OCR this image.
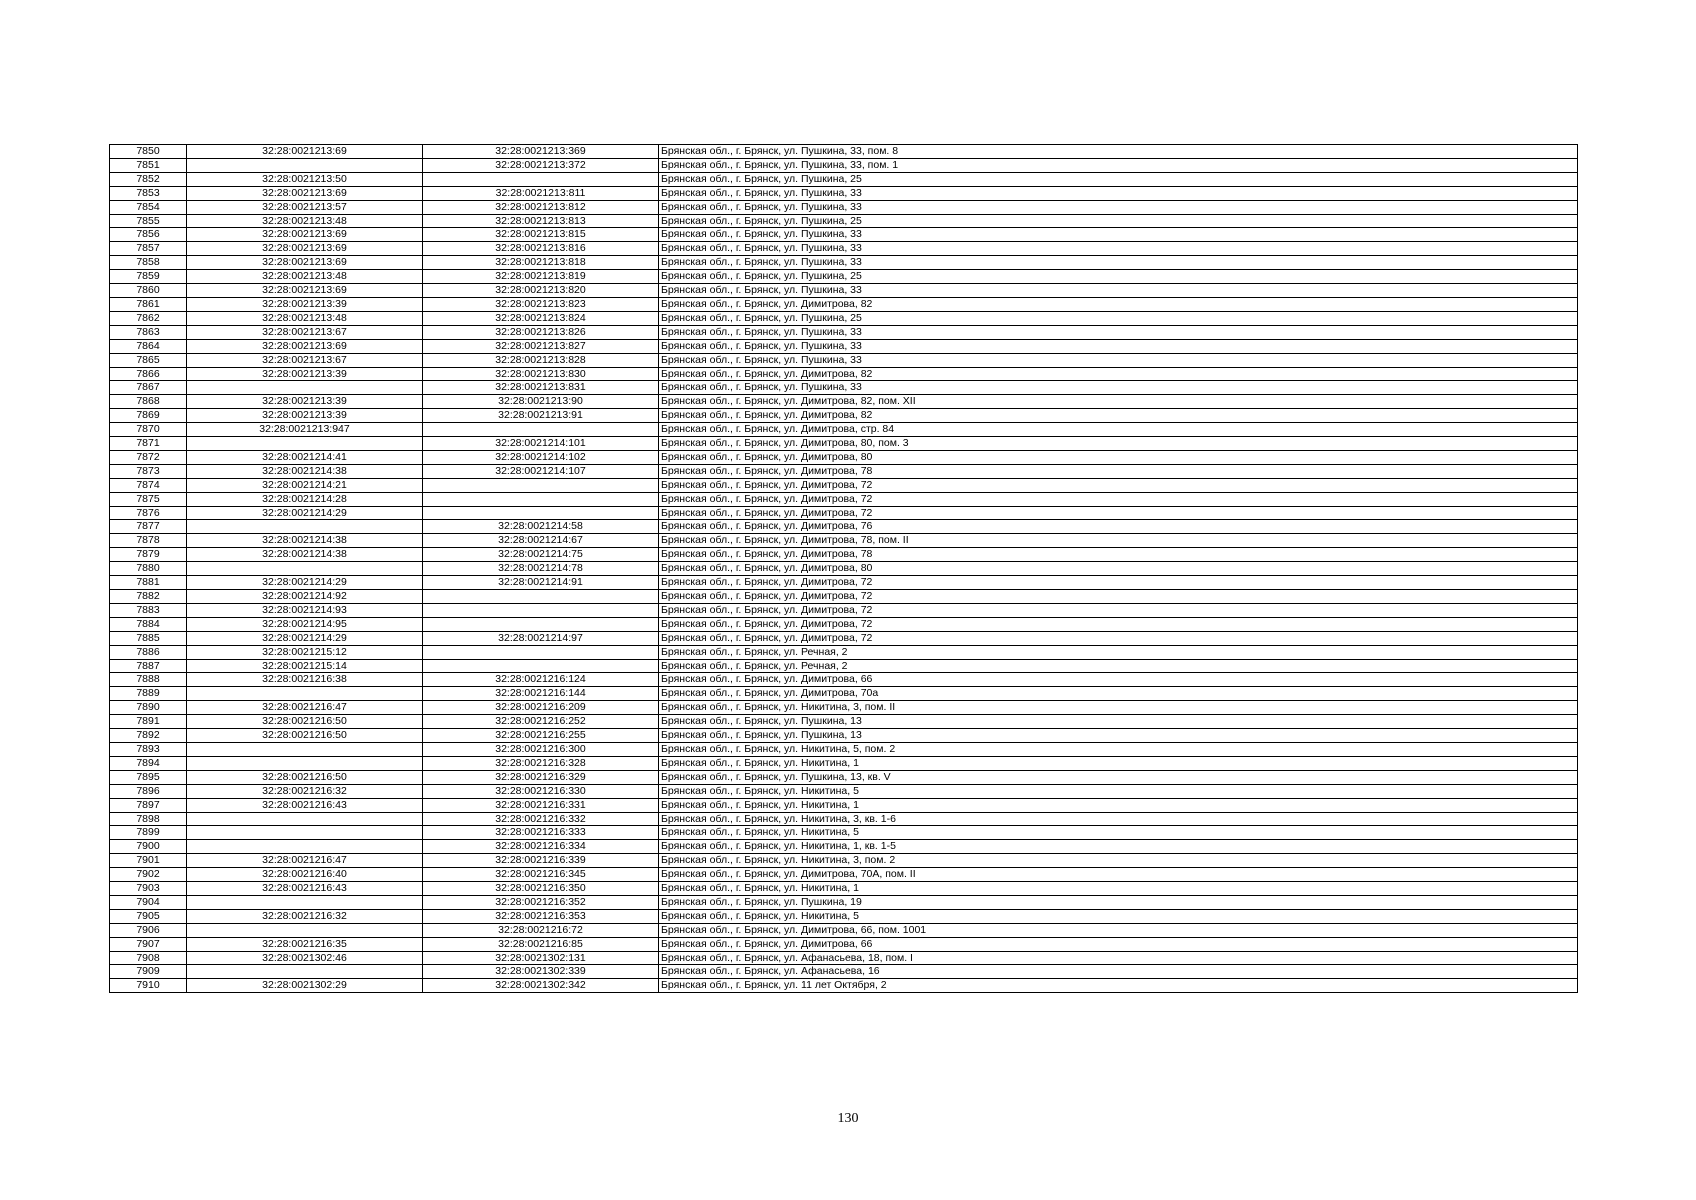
7850	32:28:0021213:69	32:28:0021213:369	Брянская обл., г. Брянск, ул. Пушкина, 33, пом. 8
7851		32:28:0021213:372	Брянская обл., г. Брянск, ул. Пушкина, 33, пом. 1
7852	32:28:0021213:50		Брянская обл., г. Брянск, ул. Пушкина, 25
7853	32:28:0021213:69	32:28:0021213:811	Брянская обл., г. Брянск, ул. Пушкина, 33
7854	32:28:0021213:57	32:28:0021213:812	Брянская обл., г. Брянск, ул. Пушкина, 33
7855	32:28:0021213:48	32:28:0021213:813	Брянская обл., г. Брянск, ул. Пушкина, 25
7856	32:28:0021213:69	32:28:0021213:815	Брянская обл., г. Брянск, ул. Пушкина, 33
7857	32:28:0021213:69	32:28:0021213:816	Брянская обл., г. Брянск, ул. Пушкина, 33
7858	32:28:0021213:69	32:28:0021213:818	Брянская обл., г. Брянск, ул. Пушкина, 33
7859	32:28:0021213:48	32:28:0021213:819	Брянская обл., г. Брянск, ул. Пушкина, 25
7860	32:28:0021213:69	32:28:0021213:820	Брянская обл., г. Брянск, ул. Пушкина, 33
7861	32:28:0021213:39	32:28:0021213:823	Брянская обл., г. Брянск, ул. Димитрова, 82
7862	32:28:0021213:48	32:28:0021213:824	Брянская обл., г. Брянск, ул. Пушкина, 25
7863	32:28:0021213:67	32:28:0021213:826	Брянская обл., г. Брянск, ул. Пушкина, 33
7864	32:28:0021213:69	32:28:0021213:827	Брянская обл., г. Брянск, ул. Пушкина, 33
7865	32:28:0021213:67	32:28:0021213:828	Брянская обл., г. Брянск, ул. Пушкина, 33
7866	32:28:0021213:39	32:28:0021213:830	Брянская обл., г. Брянск, ул. Димитрова, 82
7867		32:28:0021213:831	Брянская обл., г. Брянск, ул. Пушкина, 33
7868	32:28:0021213:39	32:28:0021213:90	Брянская обл., г. Брянск, ул. Димитрова, 82, пом. XII
7869	32:28:0021213:39	32:28:0021213:91	Брянская обл., г. Брянск, ул. Димитрова, 82
7870	32:28:0021213:947		Брянская обл., г. Брянск, ул. Димитрова, стр. 84
7871		32:28:0021214:101	Брянская обл., г. Брянск, ул. Димитрова, 80, пом. 3
7872	32:28:0021214:41	32:28:0021214:102	Брянская обл., г. Брянск, ул. Димитрова, 80
7873	32:28:0021214:38	32:28:0021214:107	Брянская обл., г. Брянск, ул. Димитрова, 78
7874	32:28:0021214:21		Брянская обл., г. Брянск, ул. Димитрова, 72
7875	32:28:0021214:28		Брянская обл., г. Брянск, ул. Димитрова, 72
7876	32:28:0021214:29		Брянская обл., г. Брянск, ул. Димитрова, 72
7877		32:28:0021214:58	Брянская обл., г. Брянск, ул. Димитрова, 76
7878	32:28:0021214:38	32:28:0021214:67	Брянская обл., г. Брянск, ул. Димитрова, 78, пом. II
7879	32:28:0021214:38	32:28:0021214:75	Брянская обл., г. Брянск, ул. Димитрова, 78
7880		32:28:0021214:78	Брянская обл., г. Брянск, ул. Димитрова, 80
7881	32:28:0021214:29	32:28:0021214:91	Брянская обл., г. Брянск, ул. Димитрова, 72
7882	32:28:0021214:92		Брянская обл., г. Брянск, ул. Димитрова, 72
7883	32:28:0021214:93		Брянская обл., г. Брянск, ул. Димитрова, 72
7884	32:28:0021214:95		Брянская обл., г. Брянск, ул. Димитрова, 72
7885	32:28:0021214:29	32:28:0021214:97	Брянская обл., г. Брянск, ул. Димитрова, 72
7886	32:28:0021215:12		Брянская обл., г. Брянск, ул. Речная, 2
7887	32:28:0021215:14		Брянская обл., г. Брянск, ул. Речная, 2
7888	32:28:0021216:38	32:28:0021216:124	Брянская обл., г. Брянск, ул. Димитрова, 66
7889		32:28:0021216:144	Брянская обл., г. Брянск, ул. Димитрова, 70а
7890	32:28:0021216:47	32:28:0021216:209	Брянская обл., г. Брянск, ул. Никитина, 3, пом. II
7891	32:28:0021216:50	32:28:0021216:252	Брянская обл., г. Брянск, ул. Пушкина, 13
7892	32:28:0021216:50	32:28:0021216:255	Брянская обл., г. Брянск, ул. Пушкина, 13
7893		32:28:0021216:300	Брянская обл., г. Брянск, ул. Никитина, 5, пом. 2
7894		32:28:0021216:328	Брянская обл., г. Брянск, ул. Никитина, 1
7895	32:28:0021216:50	32:28:0021216:329	Брянская обл., г. Брянск, ул. Пушкина, 13, кв. V
7896	32:28:0021216:32	32:28:0021216:330	Брянская обл., г. Брянск, ул. Никитина, 5
7897	32:28:0021216:43	32:28:0021216:331	Брянская обл., г. Брянск, ул. Никитина, 1
7898		32:28:0021216:332	Брянская обл., г. Брянск, ул. Никитина, 3, кв. 1-6
7899		32:28:0021216:333	Брянская обл., г. Брянск, ул. Никитина, 5
7900		32:28:0021216:334	Брянская обл., г. Брянск, ул. Никитина, 1, кв. 1-5
7901	32:28:0021216:47	32:28:0021216:339	Брянская обл., г. Брянск, ул. Никитина, 3, пом. 2
7902	32:28:0021216:40	32:28:0021216:345	Брянская обл., г. Брянск, ул. Димитрова, 70А, пом. II
7903	32:28:0021216:43	32:28:0021216:350	Брянская обл., г. Брянск, ул. Никитина, 1
7904		32:28:0021216:352	Брянская обл., г. Брянск, ул. Пушкина, 19
7905	32:28:0021216:32	32:28:0021216:353	Брянская обл., г. Брянск, ул. Никитина, 5
7906		32:28:0021216:72	Брянская обл., г. Брянск, ул. Димитрова, 66, пом. 1001
7907	32:28:0021216:35	32:28:0021216:85	Брянская обл., г. Брянск, ул. Димитрова, 66
7908	32:28:0021302:46	32:28:0021302:131	Брянская обл., г. Брянск, ул. Афанасьева, 18, пом. I
7909		32:28:0021302:339	Брянская обл., г. Брянск, ул. Афанасьева, 16
7910	32:28:0021302:29	32:28:0021302:342	Брянская обл., г. Брянск, ул. 11 лет Октября, 2
130
